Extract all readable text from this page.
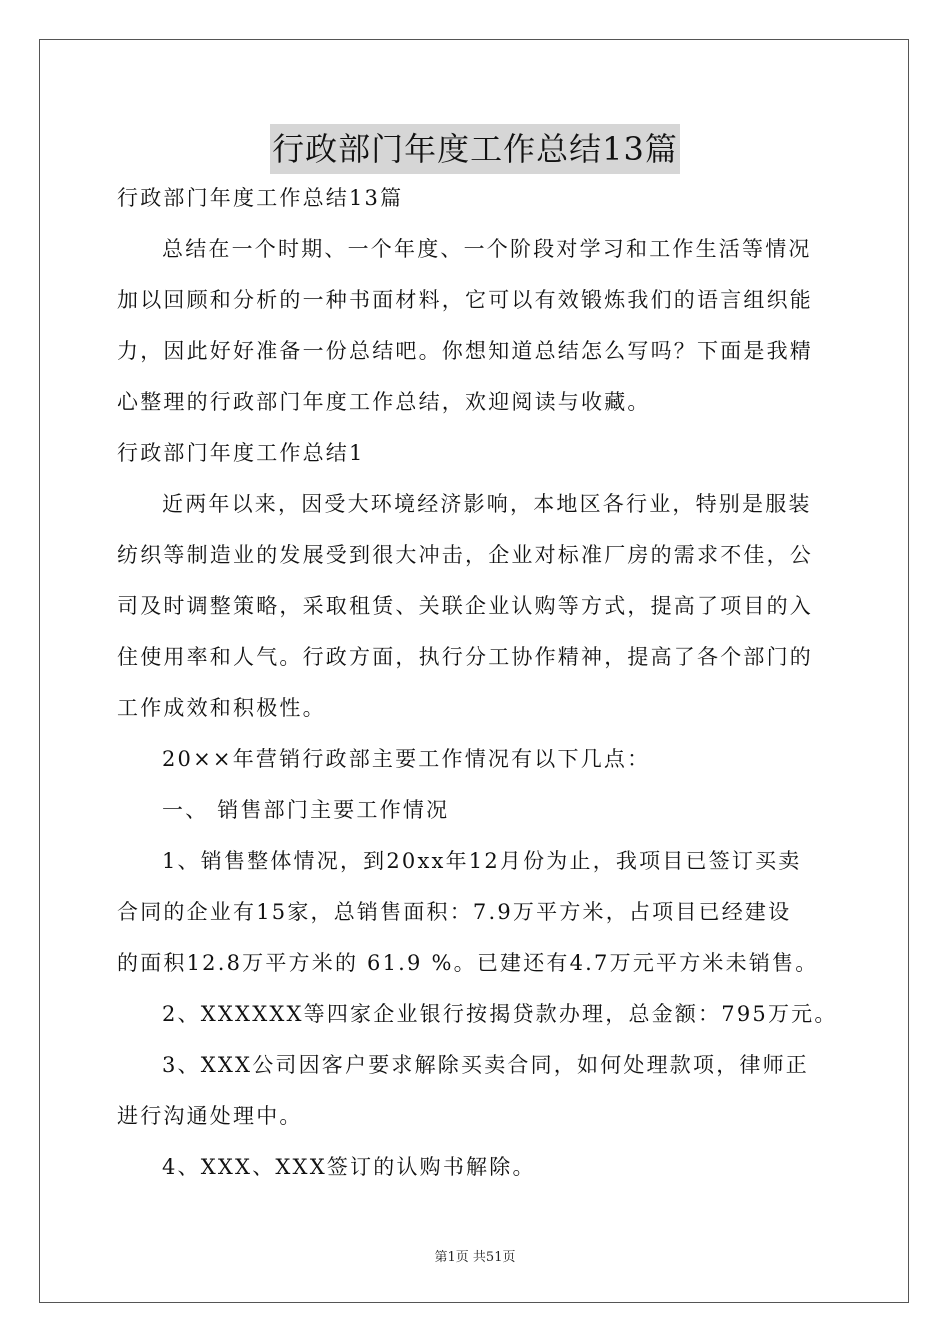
行政部门年度工作总结13篇
行政部门年度工作总结13篇
总结在一个时期、一个年度、一个阶段对学习和工作生活等情况
加以回顾和分析的一种书面材料，它可以有效锻炼我们的语言组织能
力，因此好好准备一份总结吧。你想知道总结怎么写吗？下面是我精
心整理的行政部门年度工作总结，欢迎阅读与收藏。
行政部门年度工作总结1
近两年以来，因受大环境经济影响，本地区各行业，特别是服装
纺织等制造业的发展受到很大冲击，企业对标准厂房的需求不佳，公
司及时调整策略，采取租赁、关联企业认购等方式，提高了项目的入
住使用率和人气。行政方面，执行分工协作精神，提高了各个部门的
工作成效和积极性。
20××年营销行政部主要工作情况有以下几点：
一、 销售部门主要工作情况
1、销售整体情况，到20xx年12月份为止，我项目已签订买卖
合同的企业有15家，总销售面积：7.9万平方米，占项目已经建设
的面积12.8万平方米的 61.9 %。已建还有4.7万元平方米未销售。
2、XXXXXX等四家企业银行按揭贷款办理，总金额：795万元。
3、XXX公司因客户要求解除买卖合同，如何处理款项，律师正
进行沟通处理中。
4、XXX、XXX签订的认购书解除。
第1页 共51页
